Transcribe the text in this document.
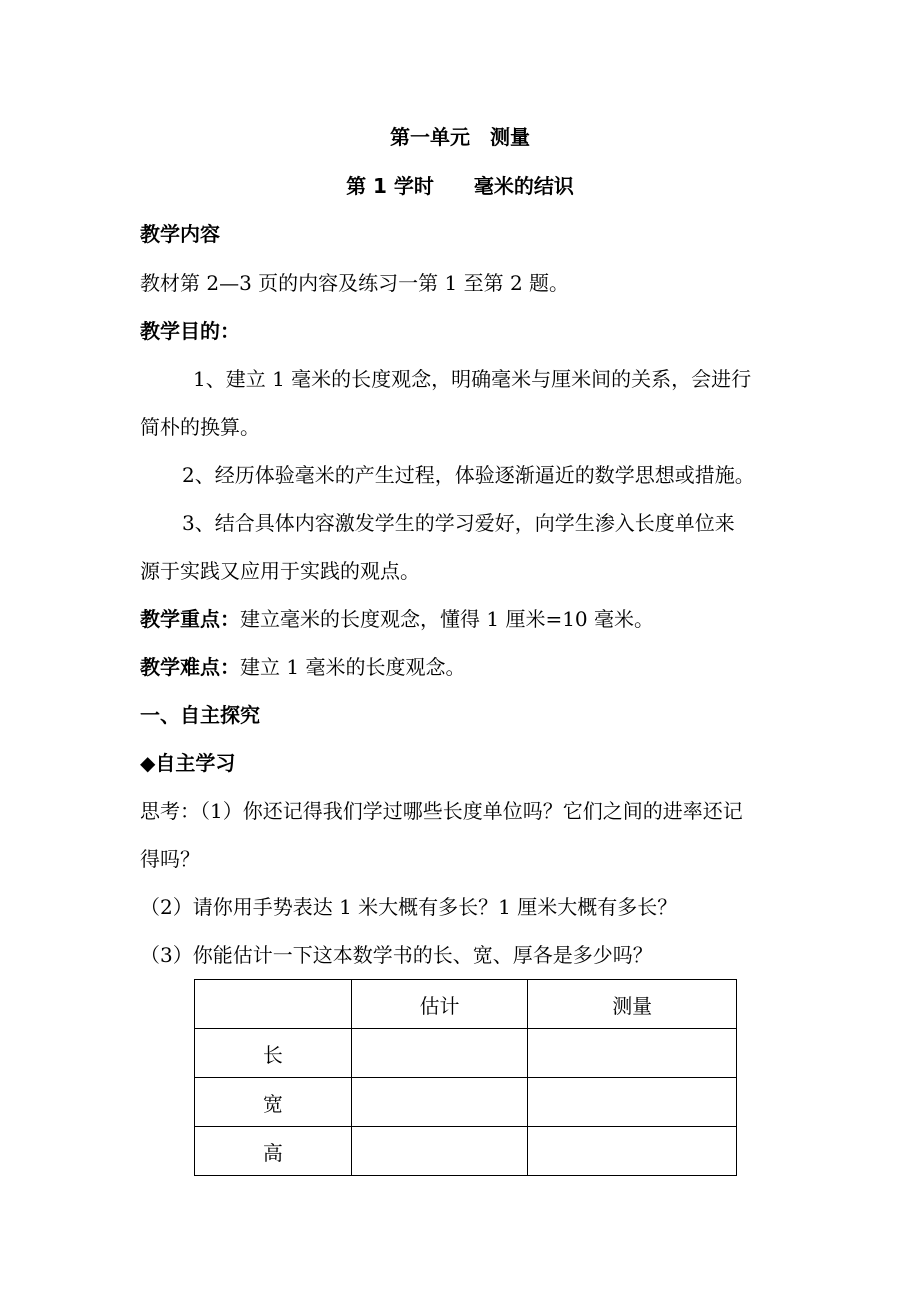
第一单元　测量
第 1 学时　　毫米的结识
教学内容
教材第 2—3 页的内容及练习一第 1 至第 2 题。
教学目的：
1、建立 1 毫米的长度观念，明确毫米与厘米间的关系，会进行
简朴的换算。
2、经历体验毫米的产生过程，体验逐渐逼近的数学思想或措施。
3、结合具体内容激发学生的学习爱好，向学生渗入长度单位来
源于实践又应用于实践的观点。
教学重点：建立毫米的长度观念，懂得 1 厘米=10 毫米。
教学难点：建立 1 毫米的长度观念。
一、自主探究
◆自主学习
思考：（1）你还记得我们学过哪些长度单位吗？它们之间的进率还记
得吗？
（2）请你用手势表达 1 米大概有多长？1 厘米大概有多长？
（3）你能估计一下这本数学书的长、宽、厚各是多少吗？
	估计	测量
长		
宽		
高		
